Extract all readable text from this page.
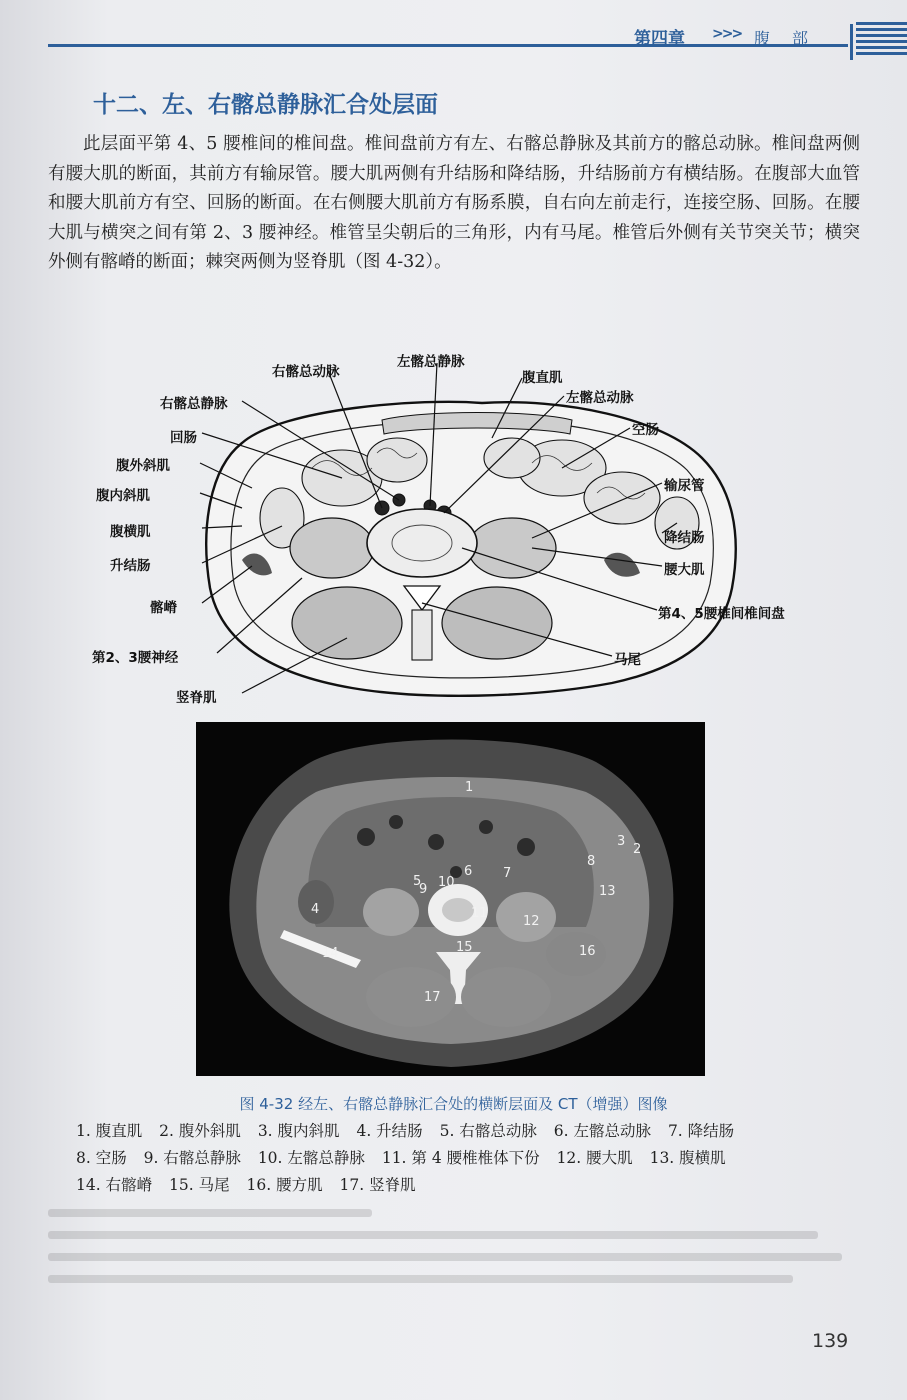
第四章 >>> 腹部
十二、左、右髂总静脉汇合处层面

此层面平第 4、5 腰椎间的椎间盘。椎间盘前方有左、右髂总静脉及其前方的髂总动脉。椎间盘两侧有腰大肌的断面，其前方有输尿管。腰大肌两侧有升结肠和降结肠，升结肠前方有横结肠。在腹部大血管和腰大肌前方有空、回肠的断面。在右侧腰大肌前方有肠系膜，自右向左前走行，连接空肠、回肠。在腰大肌与横突之间有第 2、3 腰神经。椎管呈尖朝后的三角形，内有马尾。椎管后外侧有关节突关节；横突外侧有髂嵴的断面；棘突两侧为竖脊肌（图 4-32）。

右髂总动脉
左髂总静脉
腹直肌
左髂总动脉
右髂总静脉
空肠
回肠
腹外斜肌
输尿管
腹内斜肌
腹横肌	降结肠
升结肠	腰大肌
髂嵴	第4、5腰椎间椎间盘
第2、3腰神经	马尾
竖脊肌
1
2
3
4
5
6 7
8
9 10
11
12
13
14	15	16
17
图 4-32 经左、右髂总静脉汇合处的横断层面及 CT（增强）图像
1. 腹直肌 2. 腹外斜肌 3. 腹内斜肌 4. 升结肠 5. 右髂总动脉 6. 左髂总动脉 7. 降结肠
8. 空肠 9. 右髂总静脉 10. 左髂总静脉 11. 第 4 腰椎椎体下份 12. 腰大肌 13. 腹横肌
14. 右髂嵴 15. 马尾 16. 腰方肌 17. 竖脊肌
139
